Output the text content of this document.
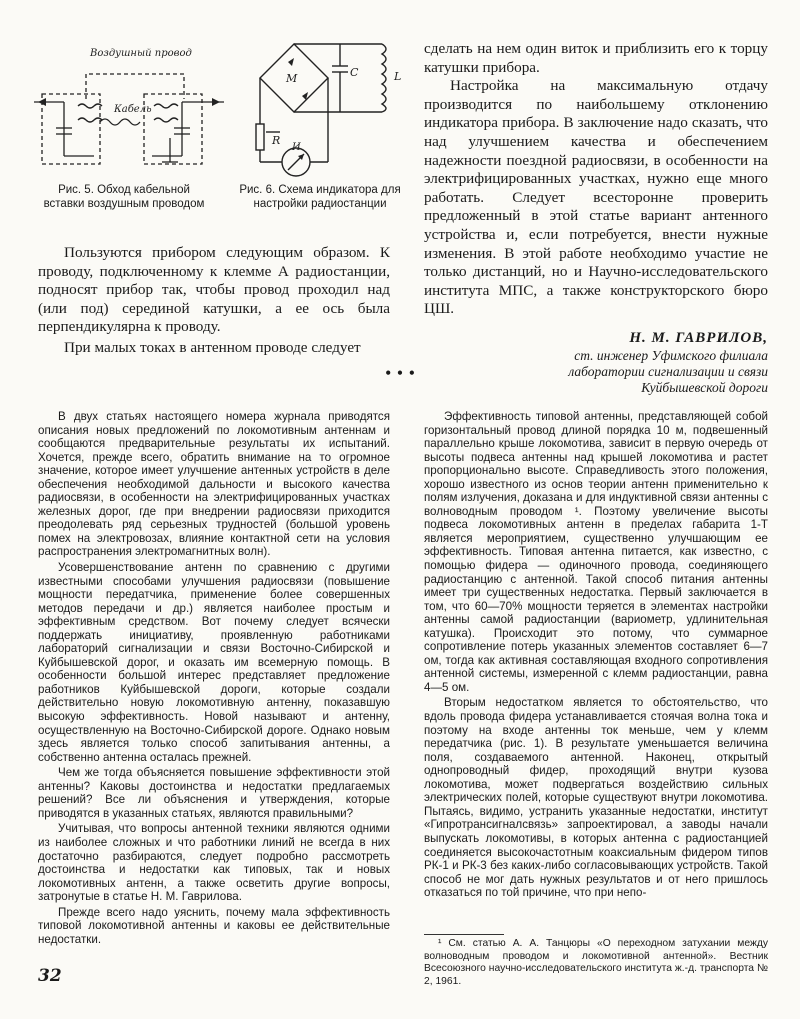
Воздушный провод
Кабель
Рис. 5. Обход кабельной вставки воздушным проводом
М	C	L
R
И
Рис. 6. Схема индикатора для настройки радиостанции

Пользуются прибором следующим образом. К проводу, подключенному к клемме А радиостанции, подносят прибор так, чтобы провод проходил над (или под) серединой катушки, а ее ось была перпендикулярна к проводу.

При малых токах в антенном проводе следует

сделать на нем один виток и приблизить его к торцу катушки прибора.

Настройка на максимальную отдачу производится по наибольшему отклонению индикатора прибора. В заключение надо сказать, что над улучшением качества и обеспечением надежности поездной радиосвязи, в особенности на электрифицированных участках, нужно еще много работать. Следует всесторонне проверить предложенный в этой статье вариант антенного устройства и, если потребуется, внести нужные изменения. В этой работе необходимо участие не только дистанций, но и Научно-исследовательского института МПС, а также конструкторского бюро ЦШ.

Н. М. ГАВРИЛОВ,
ст. инженер Уфимского филиала лаборатории сигнализации и связи Куйбышевской дороги
• • •

В двух статьях настоящего номера журнала приводятся описания новых предложений по локомотивным антеннам и сообщаются предварительные результаты их испытаний. Хочется, прежде всего, обратить внимание на то огромное значение, которое имеет улучшение антенных устройств в деле обеспечения необходимой дальности и высокого качества радиосвязи, в особенности на электрифицированных участках железных дорог, где при внедрении радиосвязи приходится преодолевать ряд серьезных трудностей (большой уровень помех на электровозах, влияние контактной сети на условия распространения электромагнитных волн).

Усовершенствование антенн по сравнению с другими известными способами улучшения радиосвязи (повышение мощности передатчика, применение более совершенных методов передачи и др.) является наиболее простым и эффективным средством. Вот почему следует всячески поддержать инициативу, проявленную работниками лабораторий сигнализации и связи Восточно-Сибирской и Куйбышевской дорог, и оказать им всемерную помощь. В особенности большой интерес представляет предложение работников Куйбышевской дороги, которые создали действительно новую локомотивную антенну, показавшую высокую эффективность. Новой называют и антенну, осуществленную на Восточно-Сибирской дороге. Однако новым здесь является только способ запитывания антенны, а собственно антенна осталась прежней.

Чем же тогда объясняется повышение эффективности этой антенны? Каковы достоинства и недостатки предлагаемых решений? Все ли объяснения и утверждения, которые приводятся в указанных статьях, являются правильными?

Учитывая, что вопросы антенной техники являются одними из наиболее сложных и что работники линий не всегда в них достаточно разбираются, следует подробно рассмотреть достоинства и недостатки как типовых, так и новых локомотивных антенн, а также осветить другие вопросы, затронутые в статье Н. М. Гаврилова.

Прежде всего надо уяснить, почему мала эффективность типовой локомотивной антенны и каковы ее действительные недостатки.

Эффективность типовой антенны, представляющей собой горизонтальный провод длиной порядка 10 м, подвешенный параллельно крыше локомотива, зависит в первую очередь от высоты подвеса антенны над крышей локомотива и растет пропорционально высоте. Справедливость этого положения, хорошо известного из основ теории антенн применительно к полям излучения, доказана и для индуктивной связи антенны с волноводным проводом ¹. Поэтому увеличение высоты подвеса локомотивных антенн в пределах габарита 1-Т является мероприятием, существенно улучшающим ее эффективность. Типовая антенна питается, как известно, с помощью фидера — одиночного провода, соединяющего радиостанцию с антенной. Такой способ питания антенны имеет три существенных недостатка. Первый заключается в том, что 60—70% мощности теряется в элементах настройки антенны самой радиостанции (вариометр, удлинительная катушка). Происходит это потому, что суммарное сопротивление потерь указанных элементов составляет 6—7 ом, тогда как активная составляющая входного сопротивления антенной системы, измеренной с клемм радиостанции, равна 4—5 ом.

Вторым недостатком является то обстоятельство, что вдоль провода фидера устанавливается стоячая волна тока и поэтому на входе антенны ток меньше, чем у клемм передатчика (рис. 1). В результате уменьшается величина поля, создаваемого антенной. Наконец, открытый однопроводный фидер, проходящий внутри кузова локомотива, может подвергаться воздействию сильных электрических полей, которые существуют внутри локомотива. Пытаясь, видимо, устранить указанные недостатки, институт «Гипротрансигналсвязь» запроектировал, а заводы начали выпускать локомотивы, в которых антенна с радиостанцией соединяется высокочастотным коаксиальным фидером типов РК-1 и РК-3 без каких-либо согласовывающих устройств. Такой способ не мог дать нужных результатов и от него пришлось отказаться по той причине, что при непо-

¹ См. статью А. А. Танцюры «О переходном затухании между волноводным проводом и локомотивной антенной». Вестник Всесоюзного научно-исследовательского института ж.-д. транспорта № 2, 1961.

32
